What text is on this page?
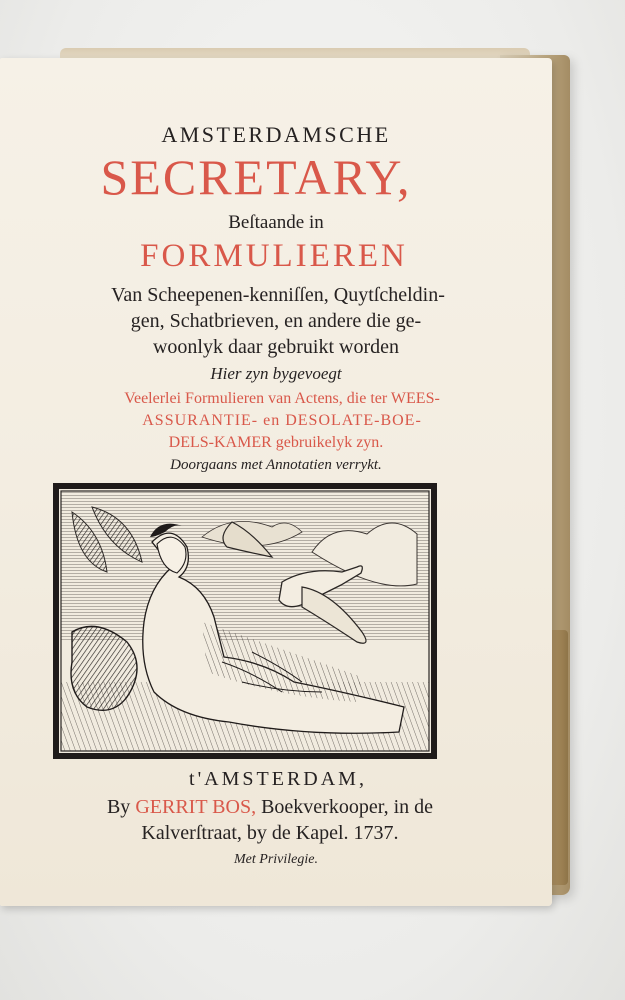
AMSTERDAMSCHE
SECRETARY,
Beſtaande in
FORMULIEREN
Van Scheepenen-kenniſſen, Quytſcheldin-
gen, Schatbrieven, en andere die ge-
woonlyk daar gebruikt worden
Hier zyn bygevoegt
Veelerlei Formulieren van Actens, die ter WEES-
ASSURANTIE- en DESOLATE-BOE-
DELS-KAMER gebruikelyk zyn.
Doorgaans met Annotatien verrykt.
t'AMSTERDAM,
By GERRIT BOS, Boekverkooper, in de
Kalverſtraat, by de Kapel. 1737.
Met Privilegie.
